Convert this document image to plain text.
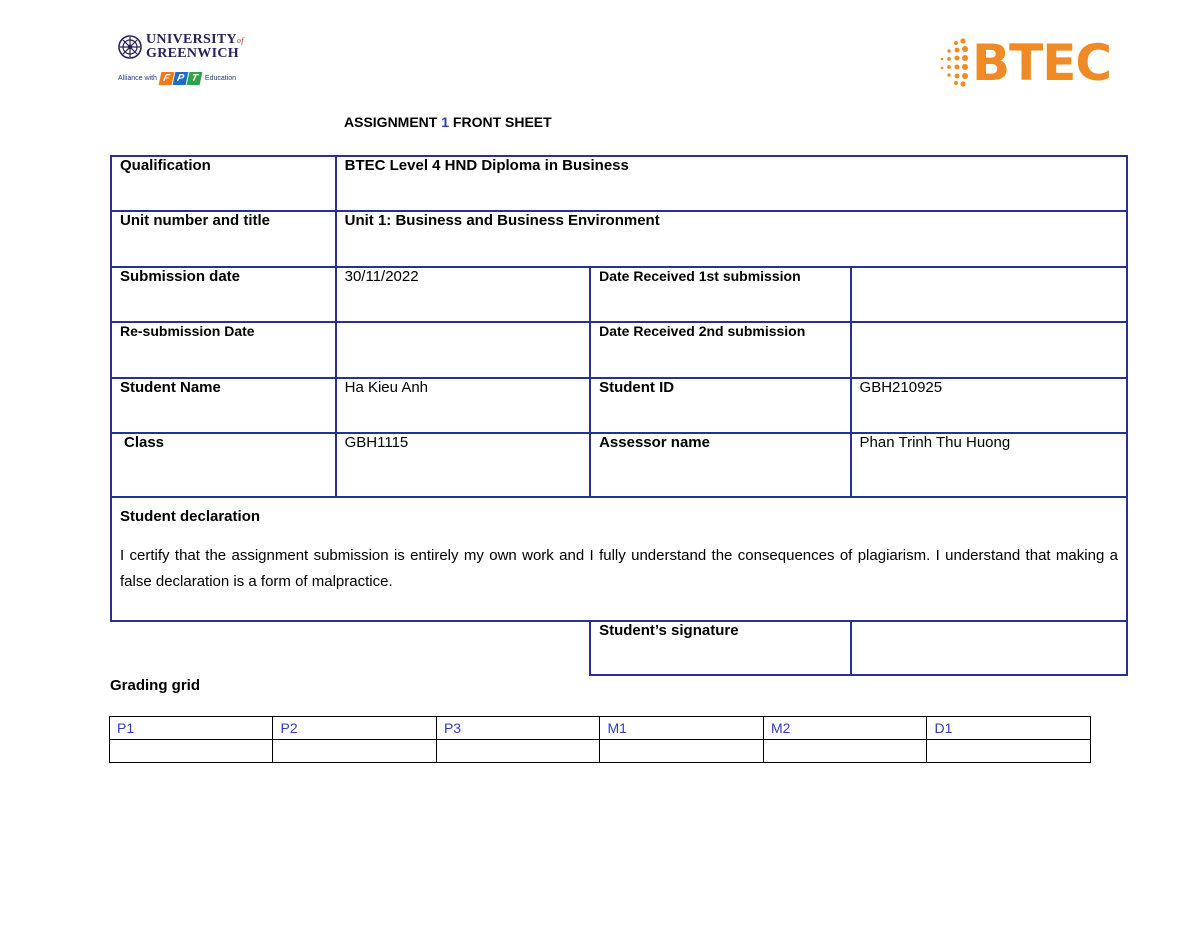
UNIVERSITYof
GREENWICH
Alliance with F P T Education	BTEC
ASSIGNMENT 1 FRONT SHEET
Qualification	BTEC Level 4 HND Diploma in Business		
Unit number and title	Unit 1: Business and Business Environment		
Submission date	30/11/2022	Date Received 1st submission	
Re-submission Date		Date Received 2nd submission	
Student Name	Ha Kieu Anh	Student ID	GBH210925
Class	GBH1115	Assessor name	Phan Trinh Thu Huong

Student declaration
I certify that the assignment submission is entirely my own work and I fully understand the consequences of plagiarism. I understand that making a false declaration is a form of malpractice.			

		Student’s signature	
Grading grid
P1	P2	P3	M1	M2	D1
